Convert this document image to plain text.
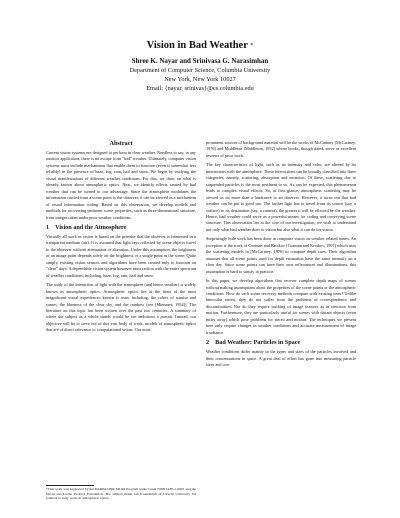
Vision in Bad Weather *
Shree K. Nayar and Srinivasa G. Narasimhan
Department of Computer Science, Columbia University
New York, New York 10027
Email: {nayar, srinivas}@cs.columbia.edu
Abstract

Current vision systems are designed to perform in clear weather. Needless to say, in any outdoor application, there is no escape from "bad" weather. Ultimately, computer vision systems must include mechanisms that enable them to function (even if somewhat less reliably) in the presence of haze, fog, rain, hail and snow. We begin by studying the visual manifestations of different weather conditions. For this, we draw on what is already known about atmospheric optics. Next, we identify effects caused by bad weather that can be turned to our advantage. Since the atmosphere modulates the information carried from a scene point to the observer, it can be viewed as a mechanism of visual information coding. Based on this observation, we develop models and methods for recovering pertinent scene properties, such as three-dimensional structure, from images taken under poor weather conditions.

1 Vision and the Atmosphere

Virtually all work in vision is based on the premise that the observer is immersed in a transparent medium (air). It is assumed that light rays reflected by scene objects travel to the observer without attenuation or alteration. Under this assumption, the brightness of an image point depends solely on the brightness of a single point in the scene. Quite simply, existing vision sensors and algorithms have been created only to function on "clear" days. A dependable vision system however must reckon with the entire spectrum of weather conditions, including, haze, fog, rain, hail and snow.

The study of the interaction of light with the atmosphere (and hence weather) is widely known as atmospheric optics. Atmospheric optics lies at the heart of the most magnificent visual experiences known to man, including, the colors of sunrise and sunset, the blueness of the clear sky, and the rainbow (see [Minnaert, 1954]). The literature on this topic has been written over the past two centuries. A summary of where the subject as a whole stands would be too ambitious a pursuit. Instead, our objective will be to sieve out of this vast body of work, models of atmospheric optics that are of direct relevance to computational vision. Our most

*This work was supported by the DARPA/ONR MURI Program under Grant N00014-95-1-0601 and the David and Lucile Packard Foundation. The authors thank Jan Koenderink of Utrecht University for pointers to early work on atmospheric optics.

prominent sources of background material will be the works of McCartney [McCartney, 1976] and Middleton [Middleton, 1952] whose books, though dated, serve as excellent reviews of prior work.

The key characteristics of light, such as its intensity and color, are altered by its interactions with the atmosphere. These interactions can be broadly classified into three categories, namely, scattering, absorption and emission. Of these, scattering due to suspended particles is the most pertinent to us. As can be expected, this phenomenon leads to complex visual effects. So, at first glance, atmospheric scattering may be viewed as no more than a hindrance to an observer. However, it turns out that bad weather can be put to good use. The farther light has to travel from its source (say, a surface) to its destination (say, a camera), the greater it will be effected by the weather. Hence, bad weather could serve as a powerful means for coding and conveying scene structure. This observation lies at the core of our investigation; we wish to understand not only what bad weather does to vision but also what it can do for vision.

Surprisingly little work has been done in computer vision on weather related issues. An exception is the work of Cozman and Krotkov [Cozman and Krotkov, 1997] which uses the scattering models in [McCartney, 1976] to compute depth cues. Their algorithm assumes that all scene points used for depth estimation have the same intensity on a clear day. Since scene points can have their own reflectances and illuminations, this assumption is hard to satisfy in practice.

In this paper, we develop algorithms that recover complete depth maps of scenes without making assumptions about the properties of the scene points or the atmospheric conditions. How do such scene recovery methods compare with existing ones? Unlike binocular stereo, they do not suffer from the problems of correspondence and discontinuities. Nor do they require tracking of image features as in structure from motion. Furthermore, they are particularly useful for scenes with distant objects (even miles away) which pose problems for stereo and motion. The techniques we present here only require changes in weather conditions and accurate measurement of image irradiance.

2 Bad Weather: Particles in Space

Weather conditions differ mainly in the types and sizes of the particles involved and their concentrations in space. A great deal of effort has gone into measuring particle sizes and con-
